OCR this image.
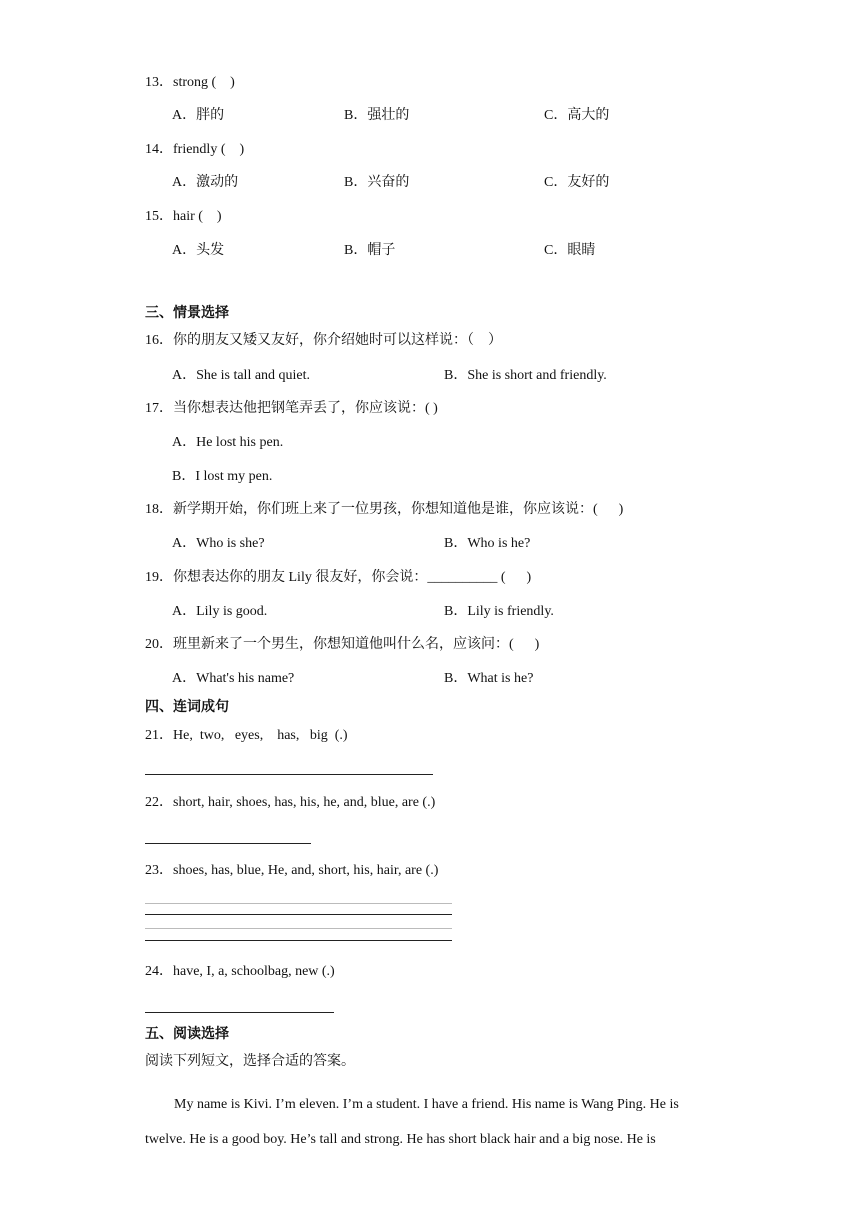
13．strong (    )
A．胖的	B．强壮的	C．高大的
14．friendly (    )
A．激动的	B．兴奋的	C．友好的
15．hair (    )
A．头发	B．帽子	C．眼睛
三、情景选择
16．你的朋友又矮又友好，你介绍她时可以这样说：（    ）
A．She is tall and quiet.	B．She is short and friendly.
17．当你想表达他把钢笔弄丢了，你应该说：( )
A．He lost his pen.
B．I lost my pen.
18．新学期开始，你们班上来了一位男孩，你想知道他是谁，你应该说：(      )
A．Who is she?	B．Who is he?
19．你想表达你的朋友 Lily 很友好，你会说：__________ (      )
A．Lily is good.	B．Lily is friendly.
20．班里新来了一个男生，你想知道他叫什么名，应该问：(      )
A．What's his name?	B．What is he?
四、连词成句
21．He,  two,   eyes,    has,   big  (.)
22．short, hair, shoes, has, his, he, and, blue, are (.)
23．shoes, has, blue, He, and, short, his, hair, are (.)
24．have, I, a, schoolbag, new (.)
五、阅读选择
阅读下列短文，选择合适的答案。
My name is Kivi. I’m eleven. I’m a student. I have a friend. His name is Wang Ping. He is twelve. He is a good boy. He’s tall and strong. He has short black hair and a big nose. He is
